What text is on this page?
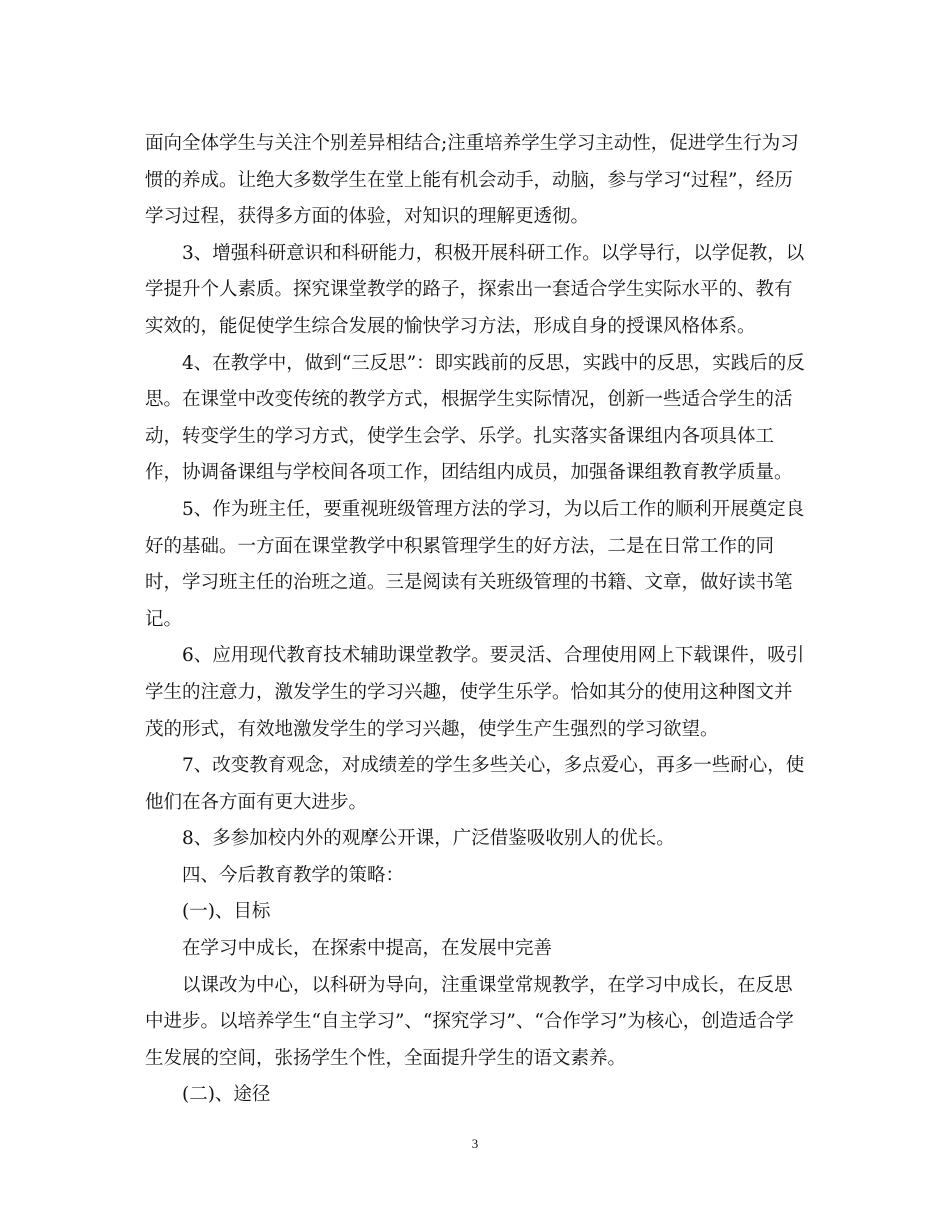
面向全体学生与关注个别差异相结合;注重培养学生学习主动性，促进学生行为习
惯的养成。让绝大多数学生在堂上能有机会动手，动脑，参与学习“过程”，经历
学习过程，获得多方面的体验，对知识的理解更透彻。
3、增强科研意识和科研能力，积极开展科研工作。以学导行，以学促教，以
学提升个人素质。探究课堂教学的路子，探索出一套适合学生实际水平的、教有
实效的，能促使学生综合发展的愉快学习方法，形成自身的授课风格体系。
4、在教学中，做到“三反思”：即实践前的反思，实践中的反思，实践后的反
思。在课堂中改变传统的教学方式，根据学生实际情况，创新一些适合学生的活
动，转变学生的学习方式，使学生会学、乐学。扎实落实备课组内各项具体工
作，协调备课组与学校间各项工作，团结组内成员，加强备课组教育教学质量。
5、作为班主任，要重视班级管理方法的学习，为以后工作的顺利开展奠定良
好的基础。一方面在课堂教学中积累管理学生的好方法，二是在日常工作的同
时，学习班主任的治班之道。三是阅读有关班级管理的书籍、文章，做好读书笔
记。
6、应用现代教育技术辅助课堂教学。要灵活、合理使用网上下载课件，吸引
学生的注意力，激发学生的学习兴趣，使学生乐学。恰如其分的使用这种图文并
茂的形式，有效地激发学生的学习兴趣，使学生产生强烈的学习欲望。
7、改变教育观念，对成绩差的学生多些关心，多点爱心，再多一些耐心，使
他们在各方面有更大进步。
8、多参加校内外的观摩公开课，广泛借鉴吸收别人的优长。
四、今后教育教学的策略：
(一)、目标
在学习中成长，在探索中提高，在发展中完善
以课改为中心，以科研为导向，注重课堂常规教学，在学习中成长，在反思
中进步。以培养学生“自主学习”、“探究学习”、“合作学习”为核心，创造适合学
生发展的空间，张扬学生个性，全面提升学生的语文素养。
(二)、途径
3
